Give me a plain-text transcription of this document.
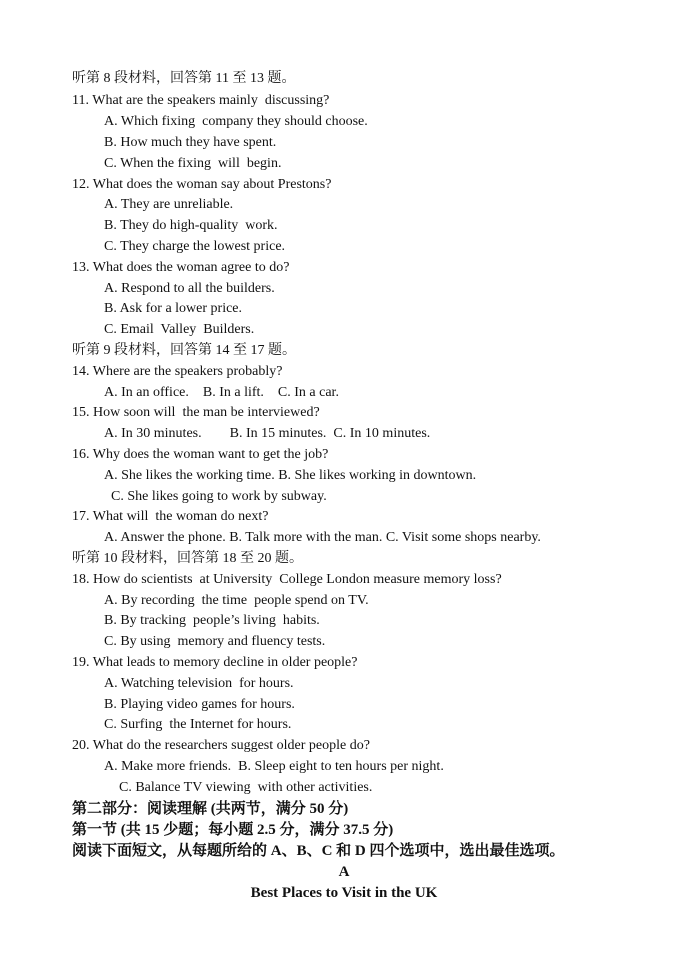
听第 8 段材料，回答第 11 至 13 题。
11. What are the speakers mainly  discussing?
A. Which fixing  company they should choose.
B. How much they have spent.
C. When the fixing  will  begin.
12. What does the woman say about Prestons?
A. They are unreliable.
B. They do high-quality  work.
C. They charge the lowest price.
13. What does the woman agree to do?
A. Respond to all the builders.
B. Ask for a lower price.
C. Email  Valley  Builders.
听第 9 段材料，回答第 14 至 17 题。
14. Where are the speakers probably?
A. In an office.    B. In a lift.    C. In a car.
15. How soon will  the man be interviewed?
A. In 30 minutes.        B. In 15 minutes.  C. In 10 minutes.
16. Why does the woman want to get the job?
A. She likes the working time. B. She likes working in downtown.
C. She likes going to work by subway.
17. What will  the woman do next?
A. Answer the phone. B. Talk more with the man. C. Visit some shops nearby.
听第 10 段材料，回答第 18 至 20 题。
18. How do scientists  at University  College London measure memory loss?
A. By recording  the time  people spend on TV.
B. By tracking  people’s living  habits.
C. By using  memory and fluency tests.
19. What leads to memory decline in older people?
A. Watching television  for hours.
B. Playing video games for hours.
C. Surfing  the Internet for hours.
20. What do the researchers suggest older people do?
A. Make more friends.  B. Sleep eight to ten hours per night.
C. Balance TV viewing  with other activities.
第二部分：阅读理解 (共两节，满分 50 分)
第一节 (共 15 少题；每小题 2.5 分，满分 37.5 分)
阅读下面短文，从每题所给的 A、B、C 和 D 四个选项中，选出最佳选项。
A
Best Places to Visit in the UK
